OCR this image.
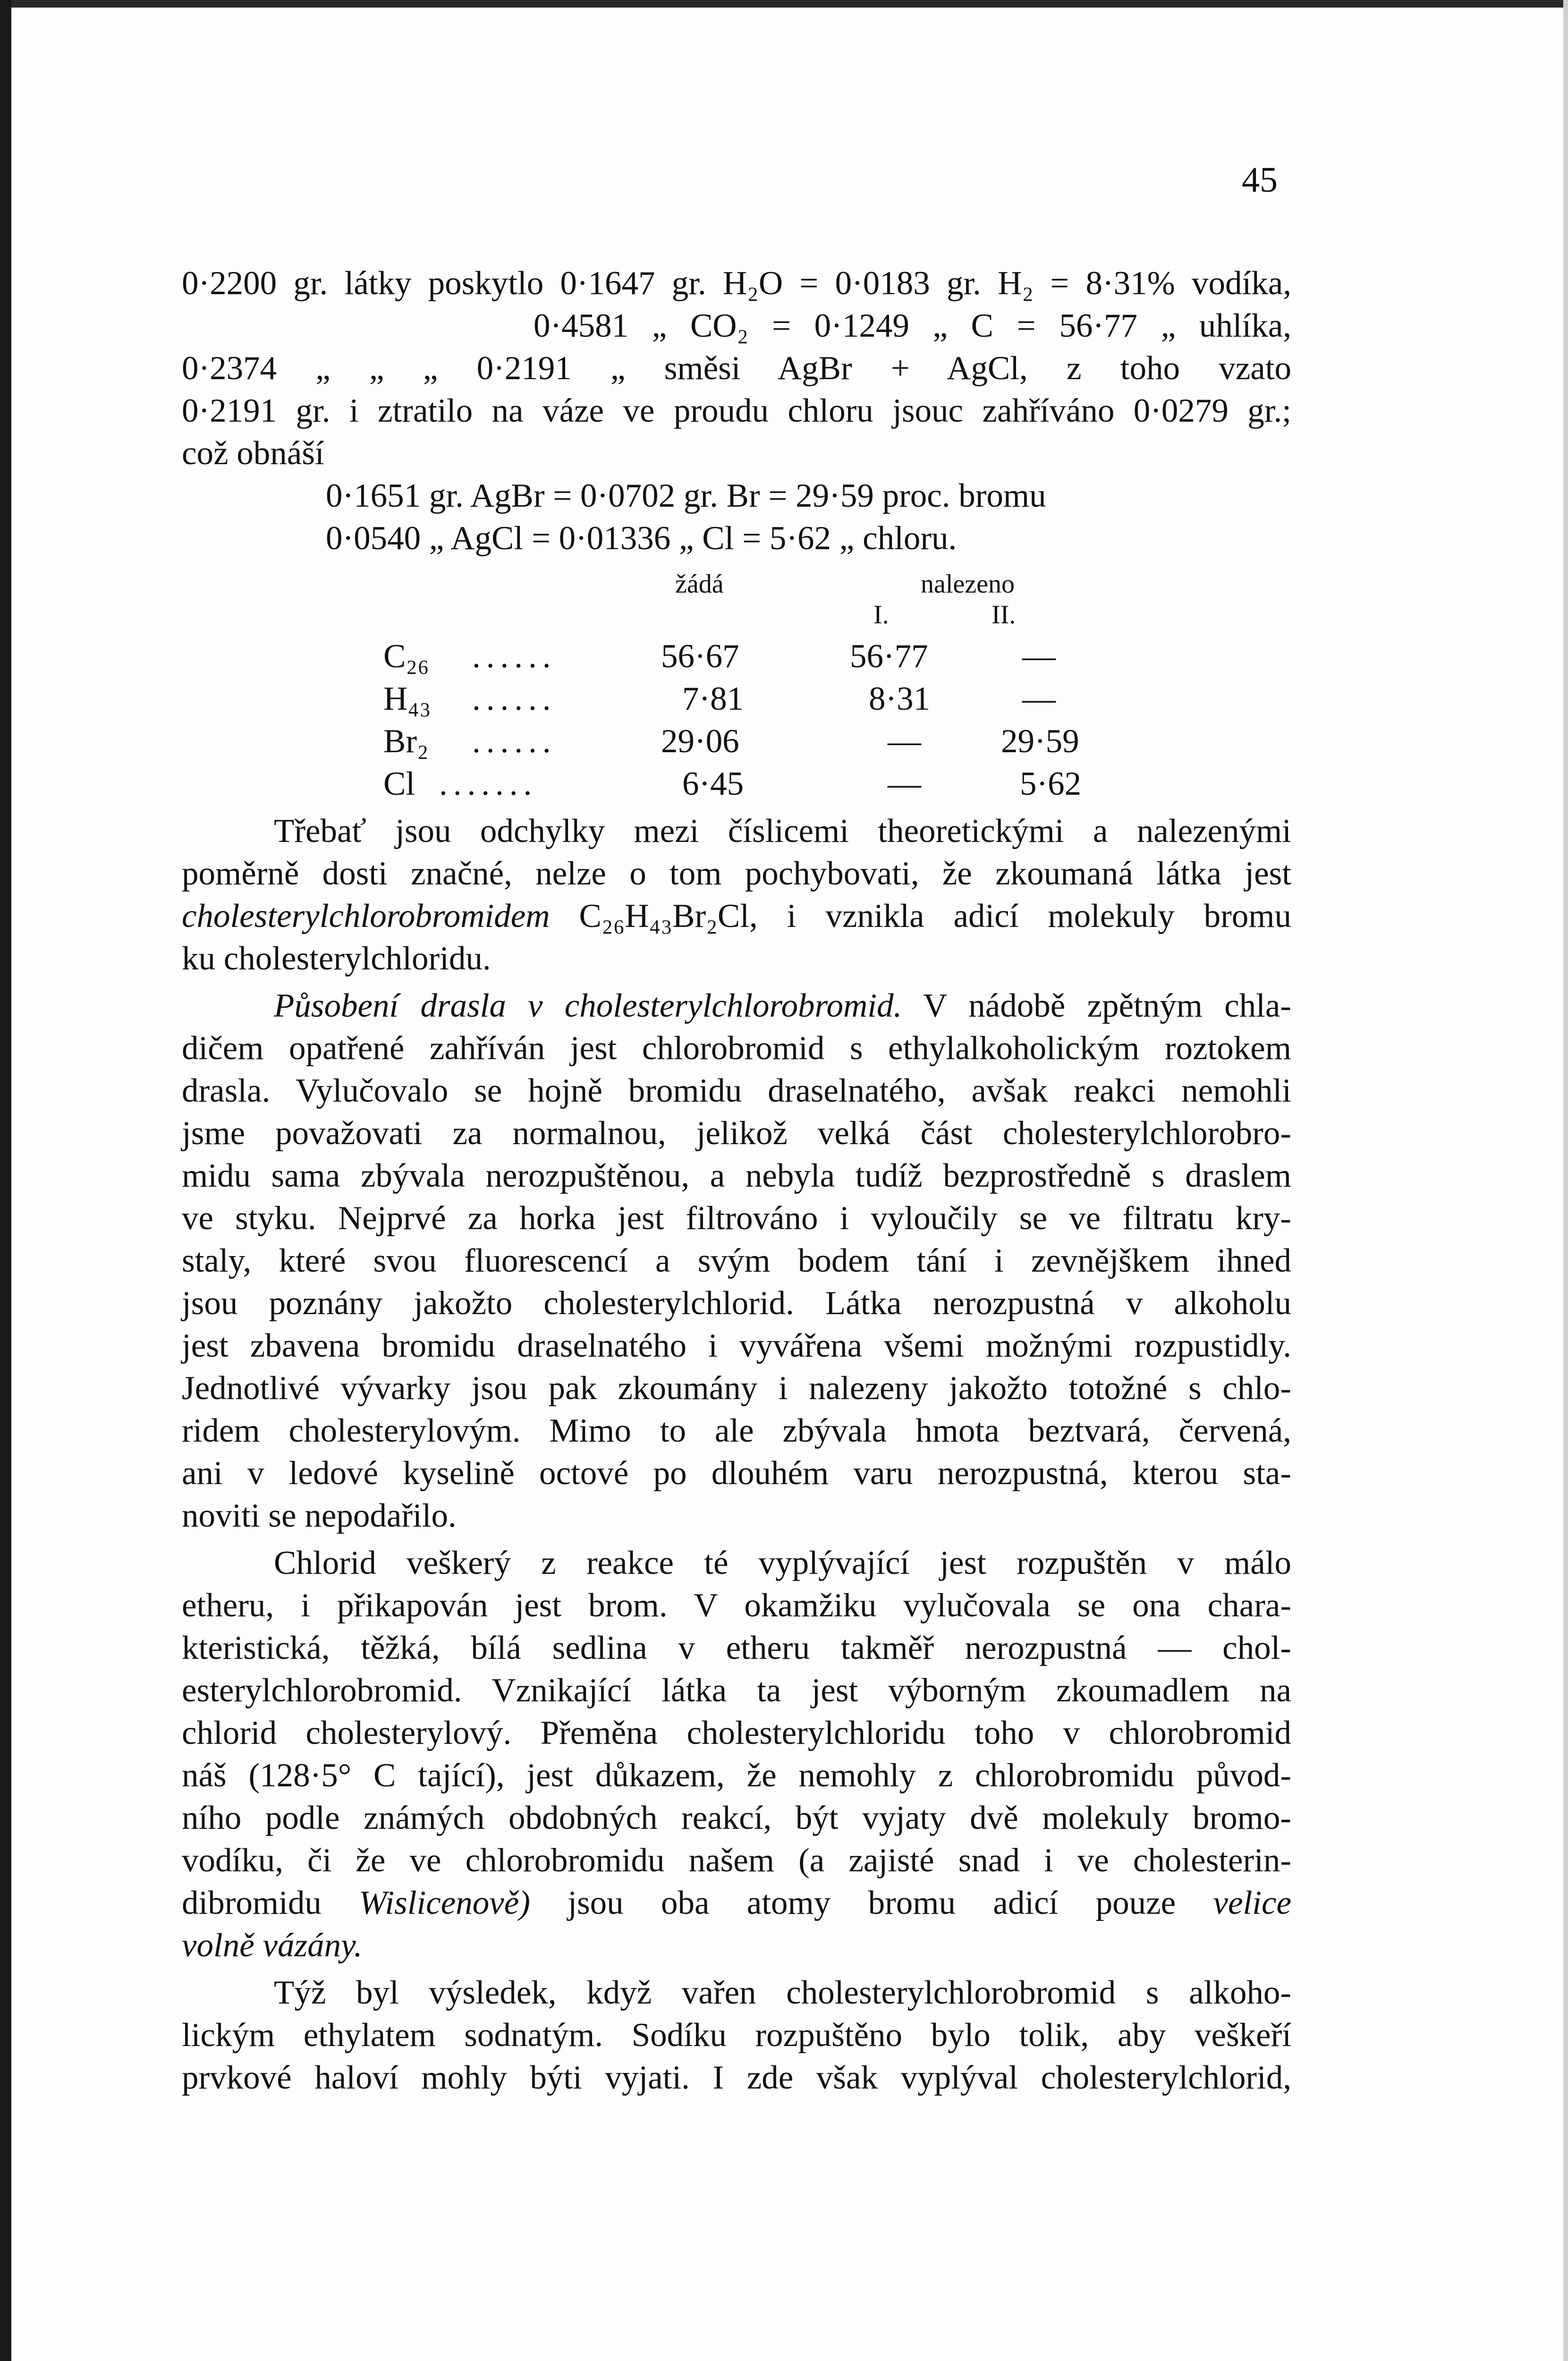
45
0·2200 gr. látky poskytlo 0·1647 gr. H₂O = 0·0183 gr. H₂ = 8·31% vodíka,
0·4581 „ CO₂ = 0·1249 „ C = 56·77 „ uhlíka,
0·2374 „ „ „ 0·2191 „ směsi AgBr + AgCl, z toho vzato
0·2191 gr. i ztratilo na váze ve proudu chloru jsouc zahříváno 0·0279 gr.;
což obnáší
0·1651 gr. AgBr = 0·0702 gr. Br = 29·59 proc. bromu
0·0540 „ AgCl = 0·01336 „ Cl = 5·62 „ chloru.
žádá	nalezeno
I.	II.
C₂₆ ......	56·67	56·77	—
H₄₃ ......	7·81	8·31	—
Br₂ ......	29·06	— 29·59
Cl .......	6·45	—	5·62
Třebať jsou odchylky mezi číslicemi theoretickými a nalezenými
poměrně dosti značné, nelze o tom pochybovati, že zkoumaná látka jest
cholesterylchlorobromidem C₂₆H₄₃Br₂Cl, i vznikla adicí molekuly bromu
ku cholesterylchloridu.
Působení drasla v cholesterylchlorobromid. V nádobě zpětným chla-
dičem opatřené zahříván jest chlorobromid s ethylalkoholickým roztokem
drasla. Vylučovalo se hojně bromidu draselnatého, avšak reakci nemohli
jsme považovati za normalnou, jelikož velká část cholesterylchlorobro-
midu sama zbývala nerozpuštěnou, a nebyla tudíž bezprostředně s draslem
ve styku. Nejprvé za horka jest filtrováno i vyloučily se ve filtratu kry-
staly, které svou fluorescencí a svým bodem tání i zevnějškem ihned
jsou poznány jakožto cholesterylchlorid. Látka nerozpustná v alkoholu
jest zbavena bromidu draselnatého i vyvářena všemi možnými rozpustidly.
Jednotlivé vývarky jsou pak zkoumány i nalezeny jakožto totožné s chlo-
ridem cholesterylovým. Mimo to ale zbývala hmota beztvará, červená,
ani v ledové kyselině octové po dlouhém varu nerozpustná, kterou sta-
noviti se nepodařilo.
Chlorid veškerý z reakce té vyplývající jest rozpuštěn v málo
etheru, i přikapován jest brom. V okamžiku vylučovala se ona chara-
kteristická, těžká, bílá sedlina v etheru takměř nerozpustná — chol-
esterylchlorobromid. Vznikající látka ta jest výborným zkoumadlem na
chlorid cholesterylový. Přeměna cholesterylchloridu toho v chlorobromid
náš (128·5° C tající), jest důkazem, že nemohly z chlorobromidu původ-
ního podle známých obdobných reakcí, být vyjaty dvě molekuly bromo-
vodíku, či že ve chlorobromidu našem (a zajisté snad i ve cholesterin-
dibromidu Wislicenově) jsou oba atomy bromu adicí pouze velice
volně vázány.
Týž byl výsledek, když vařen cholesterylchlorobromid s alkoho-
lickým ethylatem sodnatým. Sodíku rozpuštěno bylo tolik, aby veškeří
prvkové haloví mohly býti vyjati. I zde však vyplýval cholesterylchlorid,
